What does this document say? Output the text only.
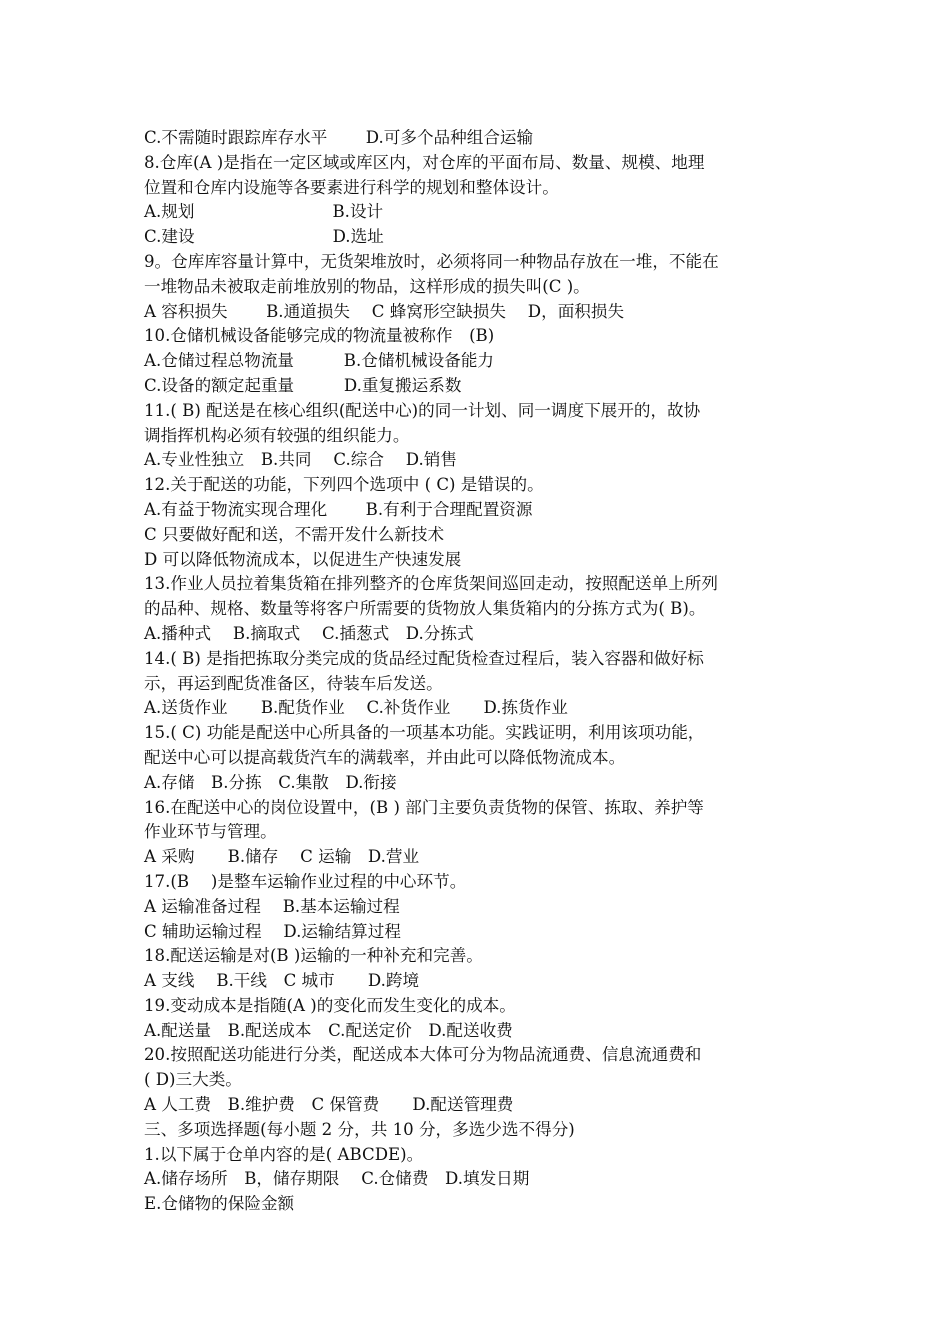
C.不需随时跟踪库存水平　　 D.可多个品种组合运输
8.仓库(A )是指在一定区域或库区内，对仓库的平面布局、数量、规模、地理
位置和仓库内设施等各要素进行科学的规划和整体设计。
A.规划　　　　　　　　 B.设计
C.建设　　　　　　　　 D.选址
9。仓库库容量计算中，无货架堆放时，必须将同一种物品存放在一堆，不能在
一堆物品未被取走前堆放别的物品，这样形成的损失叫(C )。
A 容积损失　　 B.通道损失　 C 蜂窝形空缺损失　 D，面积损失
10.仓储机械设备能够完成的物流量被称作　(B)
A.仓储过程总物流量　　　B.仓储机械设备能力
C.设备的额定起重量　　　D.重复搬运系数
11.( B) 配送是在核心组织(配送中心)的同一计划、同一调度下展开的，故协
调指挥机构必须有较强的组织能力。
A.专业性独立　B.共同　 C.综合　 D.销售
12.关于配送的功能，下列四个选项中 ( C) 是错误的。
A.有益于物流实现合理化　　 B.有利于合理配置资源
C 只要做好配和送，不需开发什么新技术
D 可以降低物流成本，以促进生产快速发展
13.作业人员拉着集货箱在排列整齐的仓库货架间巡回走动，按照配送单上所列
的品种、规格、数量等将客户所需要的货物放人集货箱内的分拣方式为( B)。
A.播种式　 B.摘取式　 C.插葱式　D.分拣式
14.( B) 是指把拣取分类完成的货品经过配货检查过程后，装入容器和做好标
示，再运到配货准备区，待装车后发送。
A.送货作业　　B.配货作业　 C.补货作业　　D.拣货作业
15.( C) 功能是配送中心所具备的一项基本功能。实践证明，利用该项功能，
配送中心可以提高载货汽车的满载率，并由此可以降低物流成本。
A.存储　B.分拣　C.集散　D.衔接
16.在配送中心的岗位设置中，(B ) 部门主要负责货物的保管、拣取、养护等
作业环节与管理。
A 采购　　B.储存　 C 运输　D.营业
17.(B　 )是整车运输作业过程的中心环节。
A 运输准备过程　 B.基本运输过程
C 辅助运输过程　 D.运输结算过程
18.配送运输是对(B )运输的一种补充和完善。
A 支线　 B.干线　C 城市　　D.跨境
19.变动成本是指随(A )的变化而发生变化的成本。
A.配送量　B.配送成本　C.配送定价　D.配送收费
20.按照配送功能进行分类，配送成本大体可分为物品流通费、信息流通费和
( D)三大类。
A 人工费　B.维护费　C 保管费　　D.配送管理费
三、多项选择题(每小题 2 分，共 10 分，多选少选不得分)
1.以下属于仓单内容的是( ABCDE)。
A.储存场所　B，储存期限　 C.仓储费　D.填发日期
E.仓储物的保险金额
